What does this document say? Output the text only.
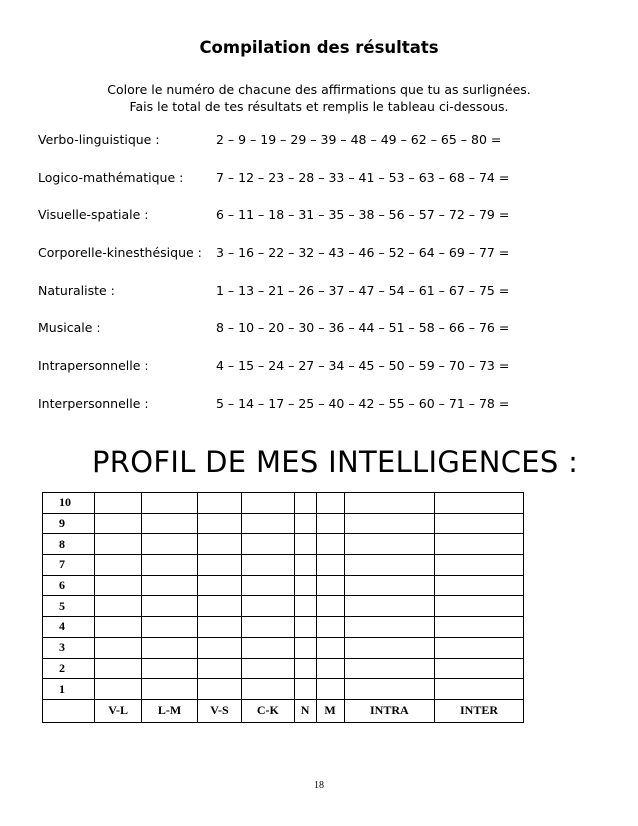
Compilation des résultats
Colore le numéro de chacune des affirmations que tu as surlignées.
Fais le total de tes résultats et remplis le tableau ci-dessous.
Verbo-linguistique :	2 – 9 – 19 – 29 – 39 – 48 – 49 – 62 – 65 – 80 =
Logico-mathématique :	7 – 12 – 23 – 28 – 33 – 41 – 53 – 63 – 68 – 74 =
Visuelle-spatiale :	6 – 11 – 18 – 31 – 35 – 38 – 56 – 57 – 72 – 79 =
Corporelle-kinesthésique : 3 – 16 – 22 – 32 – 43 – 46 – 52 – 64 – 69 – 77 =
Naturaliste :	1 – 13 – 21 – 26 – 37 – 47 – 54 – 61 – 67 – 75 =
Musicale :	8 – 10 – 20 – 30 – 36 – 44 – 51 – 58 – 66 – 76 =
Intrapersonnelle :	4 – 15 – 24 – 27 – 34 – 45 – 50 – 59 – 70 – 73 =
Interpersonnelle :	5 – 14 – 17 – 25 – 40 – 42 – 55 – 60 – 71 – 78 =
PROFIL DE MES INTELLIGENCES :
10								
9								
8								
7								
6								
5								
4								
3								
2								
1								
	V-L	L-M	V-S	C-K	N	M	INTRA	INTER
18
